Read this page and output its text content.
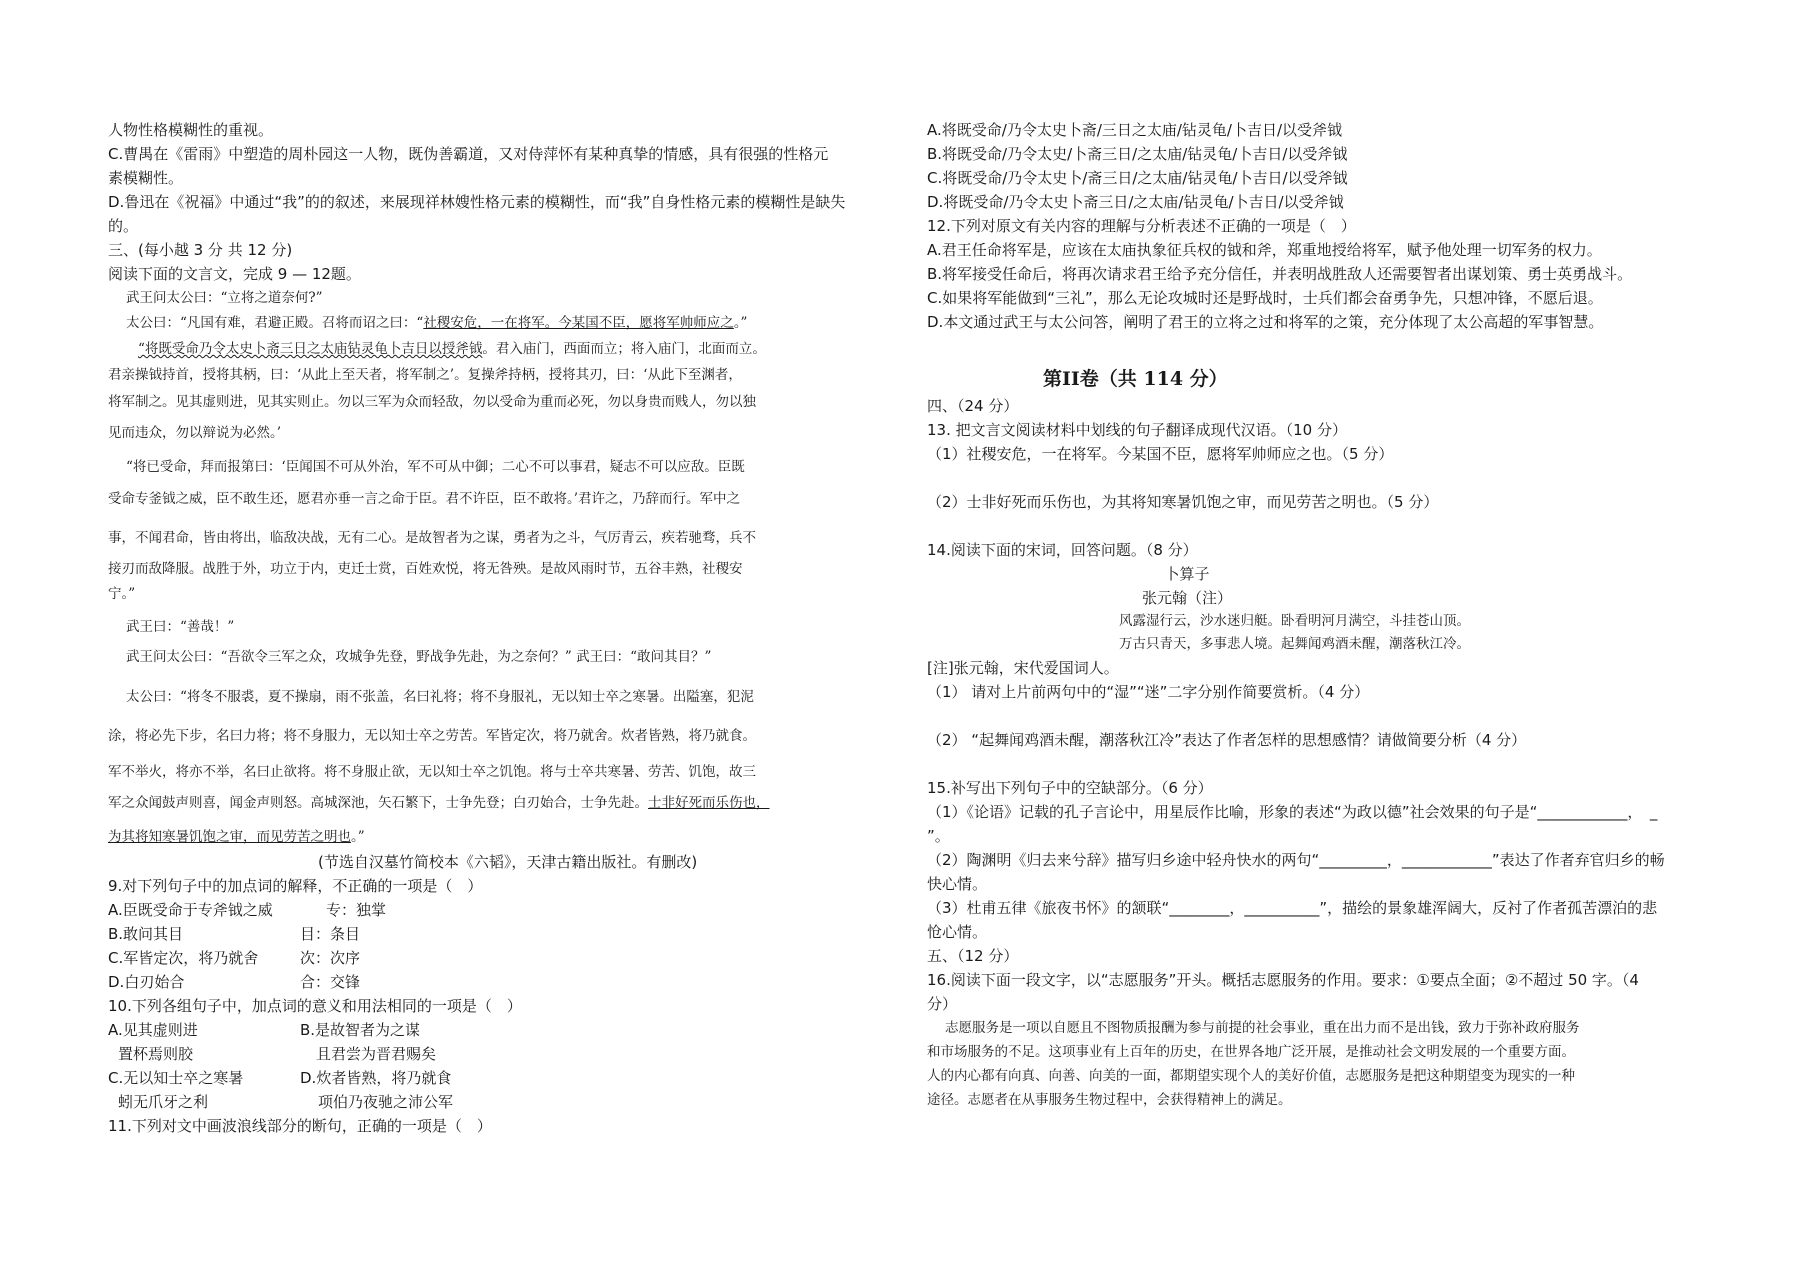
人物性格模糊性的重视。
C.曹禺在《雷雨》中塑造的周朴园这一人物，既伪善霸道，又对侍萍怀有某种真挚的情感，具有很强的性格元
素模糊性。
D.鲁迅在《祝福》中通过“我”的的叙述，来展现祥林嫂性格元素的模糊性，而“我”自身性格元素的模糊性是缺失
的。
三、(每小越 3 分 共 12 分)
阅读下面的文言文，完成 9 — 12题。
武王问太公曰：“立将之道奈何?”
太公曰：“凡国有难，君避正殿。召将而诏之曰：“社稷安危，一在将军。今某国不臣，愿将军帅师应之。”
“将既受命乃令太史卜斋三日之太庙钻灵龟卜吉日以授斧钺。君入庙门，西面而立；将入庙门，北面而立。
君亲操钺持首，授将其柄，曰：‘从此上至天者，将军制之’。复操斧持柄，授将其刃，曰：‘从此下至渊者，
将军制之。见其虚则进，见其实则止。勿以三军为众而轻敌，勿以受命为重而必死，勿以身贵而贱人，勿以独
见而违众，勿以辩说为必然。’
“将已受命，拜而报第曰：‘臣闻国不可从外治，军不可从中御；二心不可以事君，疑志不可以应敌。臣既
受命专釜钺之威，臣不敢生还，愿君亦垂一言之命于臣。君不许臣，臣不敢将。’君许之，乃辞而行。军中之
事，不闻君命，皆由将出，临敌决战，无有二心。是故智者为之谋，勇者为之斗，气厉青云，疾若驰骛，兵不
接刃而敌降服。战胜于外，功立于内，吏迁士赏，百姓欢悦，将无咎殃。是故风雨时节，五谷丰熟，社稷安
宁。”
武王曰：“善哉！”
武王问太公曰：“吾欲令三军之众，攻城争先登，野战争先赴，为之奈何？” 武王曰：“敢问其目？”
太公曰：“将冬不服裘，夏不操扇，雨不张盖，名曰礼将；将不身服礼，无以知士卒之寒暑。出隘塞，犯泥
涂，将必先下步，名曰力将；将不身服力，无以知士卒之劳苦。军皆定次，将乃就舍。炊者皆熟，将乃就食。
军不举火，将亦不举，名曰止欲将。将不身服止欲，无以知士卒之饥饱。将与士卒共寒暑、劳苦、饥饱，故三
军之众闻鼓声则喜，闻金声则怒。高城深池，矢石繁下，士争先登；白刃始合，士争先赴。士非好死而乐伤也，
为其将知寒暑饥饱之审，而见劳苦之明也。”
(节选自汉墓竹简校本《六韬》，天津古籍出版社。有删改)
9.对下列句子中的加点词的解释，不正确的一项是（　）
A.臣既受命于专斧钺之威	专：独掌
B.敢问其目	目：条目
C.军皆定次，将乃就舍	次：次序
D.白刃始合	合：交锋
10.下列各组句子中，加点词的意义和用法相同的一项是（　）
A.见其虚则进	B.是故智者为之谋
置杯焉则胶	且君尝为晋君赐矣
C.无以知士卒之寒暑	D.炊者皆熟，将乃就食
蚓无爪牙之利	项伯乃夜驰之沛公军
11.下列对文中画波浪线部分的断句，正确的一项是（　）
A.将既受命/乃令太史卜斋/三日之太庙/钻灵龟/卜吉日/以受斧钺
B.将既受命/乃令太史/卜斋三日/之太庙/钻灵龟/卜吉日/以受斧钺
C.将既受命/乃令太史卜/斋三日/之太庙/钻灵龟/卜吉日/以受斧钺
D.将既受命/乃令太史卜斋三日/之太庙/钻灵龟/卜吉日/以受斧钺
12.下列对原文有关内容的理解与分析表述不正确的一项是（　）
A.君王任命将军是，应该在太庙执象征兵权的钺和斧，郑重地授给将军，赋予他处理一切军务的权力。
B.将军接受任命后，将再次请求君王给予充分信任，并表明战胜敌人还需要智者出谋划策、勇士英勇战斗。
C.如果将军能做到“三礼”，那么无论攻城时还是野战时，士兵们都会奋勇争先，只想冲锋，不愿后退。
D.本文通过武王与太公问答，阐明了君王的立将之过和将军的之策，充分体现了太公高超的军事智慧。
第II卷（共 114 分）
四、（24 分）
13. 把文言文阅读材料中划线的句子翻译成现代汉语。（10 分）
（1）社稷安危，一在将军。今某国不臣，愿将军帅师应之也。（5 分）
（2）士非好死而乐伤也，为其将知寒暑饥饱之审，而见劳苦之明也。（5 分）
14.阅读下面的宋词，回答问题。（8 分）
卜算子
张元翰（注）
风露湿行云，沙水迷归艇。卧看明河月满空，斗挂苍山顶。
万古只青天，多事悲人境。起舞闻鸡酒未醒，潮落秋江冷。
[注]张元翰，宋代爱国词人。
（1） 请对上片前两句中的“湿”“迷”二字分别作简要赏析。（4 分）
（2） “起舞闻鸡酒未醒，潮落秋江冷”表达了作者怎样的思想感情？请做简要分析（4 分）
15.补写出下列句子中的空缺部分。（6 分）
（1）《论语》记载的孔子言论中，用星辰作比喻，形象的表述“为政以德”社会效果的句子是“____________，　_
”。
（2）陶渊明《归去来兮辞》描写归乡途中轻舟快水的两句“_________，____________”表达了作者弃官归乡的畅
快心情。
（3）杜甫五律《旅夜书怀》的颔联“________，__________”，描绘的景象雄浑阔大，反衬了作者孤苦漂泊的悲
怆心情。
五、（12 分）
16.阅读下面一段文字，以“志愿服务”开头。概括志愿服务的作用。要求：①要点全面；②不超过 50 字。（4
分）
志愿服务是一项以自愿且不图物质报酬为参与前提的社会事业，重在出力而不是出钱，致力于弥补政府服务
和市场服务的不足。这项事业有上百年的历史，在世界各地广泛开展，是推动社会文明发展的一个重要方面。
人的内心都有向真、向善、向美的一面，都期望实现个人的美好价值，志愿服务是把这种期望变为现实的一种
途径。志愿者在从事服务生物过程中，会获得精神上的满足。
